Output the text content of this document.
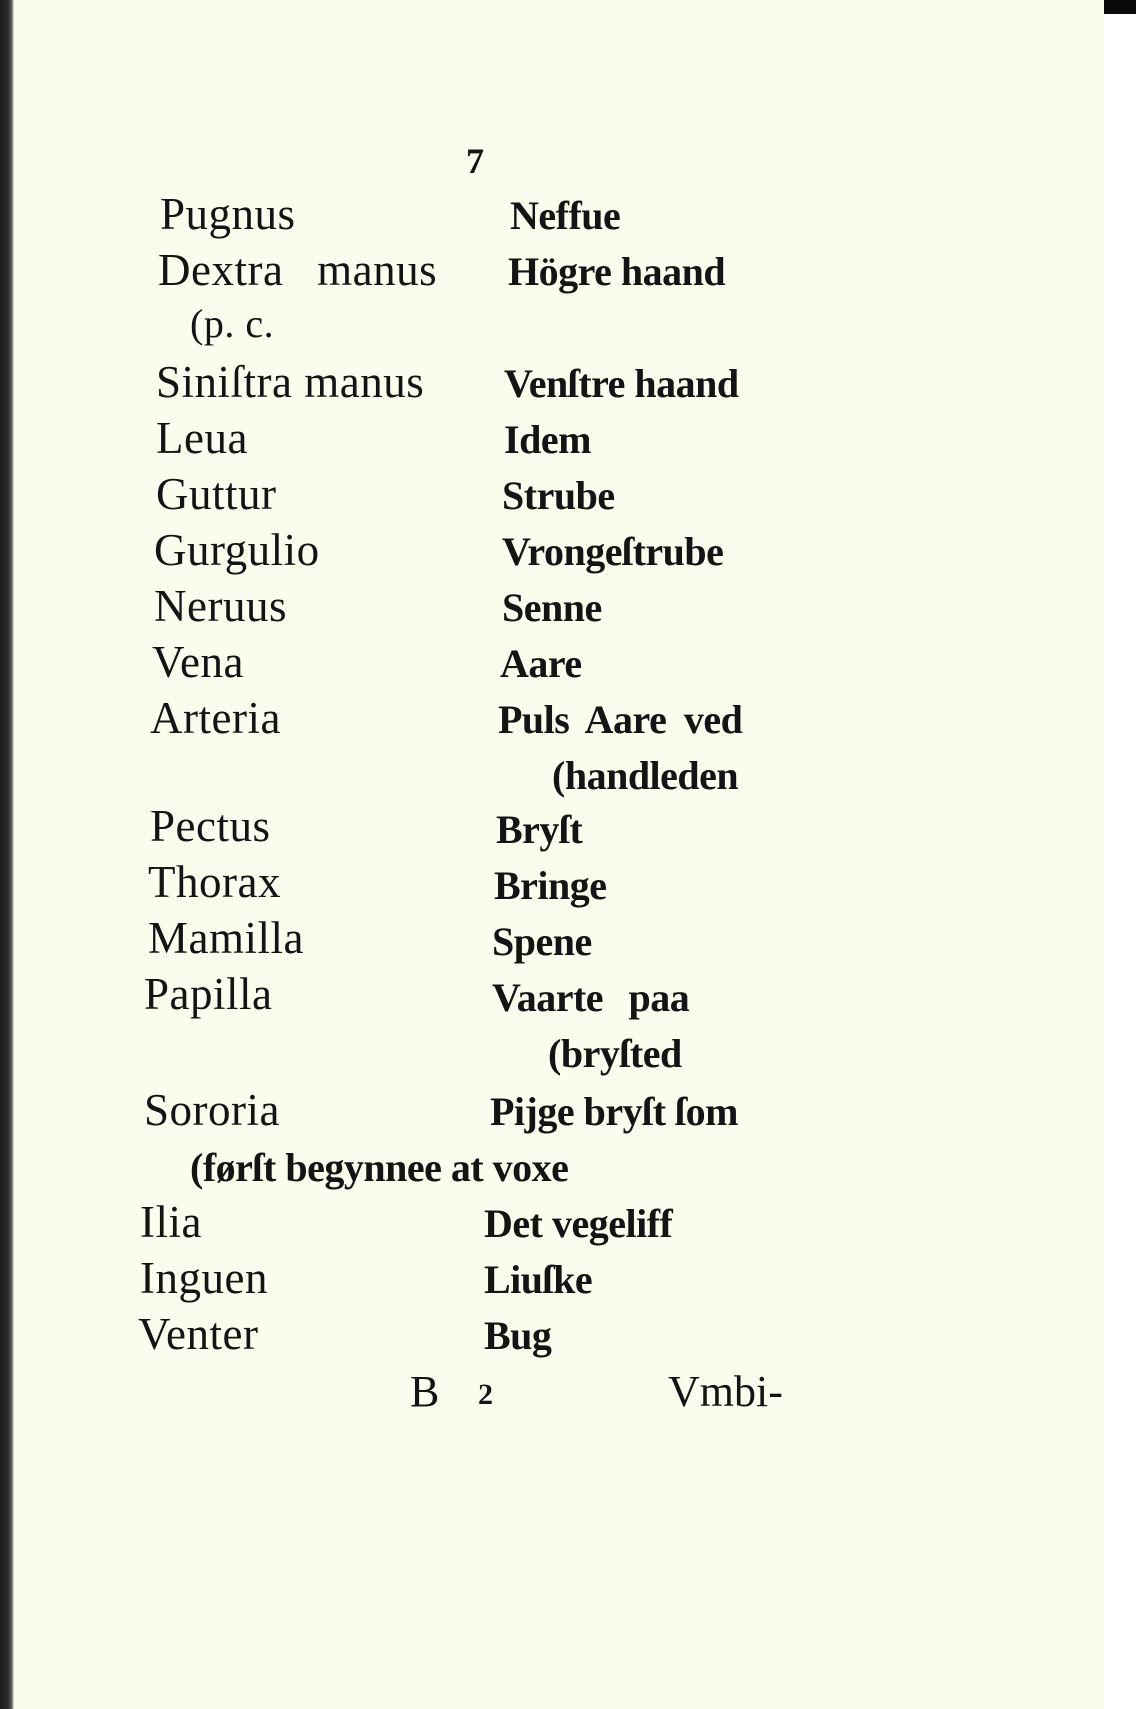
7
Pugnus
Dextra manus
(p. c.
Siniſtra manus
Leua
Guttur
Gurgulio
Neruus
Vena
Arteria
Pectus
Thorax
Mamilla
Papilla
Sororia
Ilia
Inguen
Venter
Neffue
Högre haand
Venſtre haand
Idem
Strube
Vrongeſtrube
Senne
Aare
Puls Aare ved
(handleden
Bryſt
Bringe
Spene
Vaarte paa
(bryſted
Pijge bryſt ſom
(førſt begynnee at voxe
Det vegeliff
Liuſke
Bug
B 2	Vmbi-
